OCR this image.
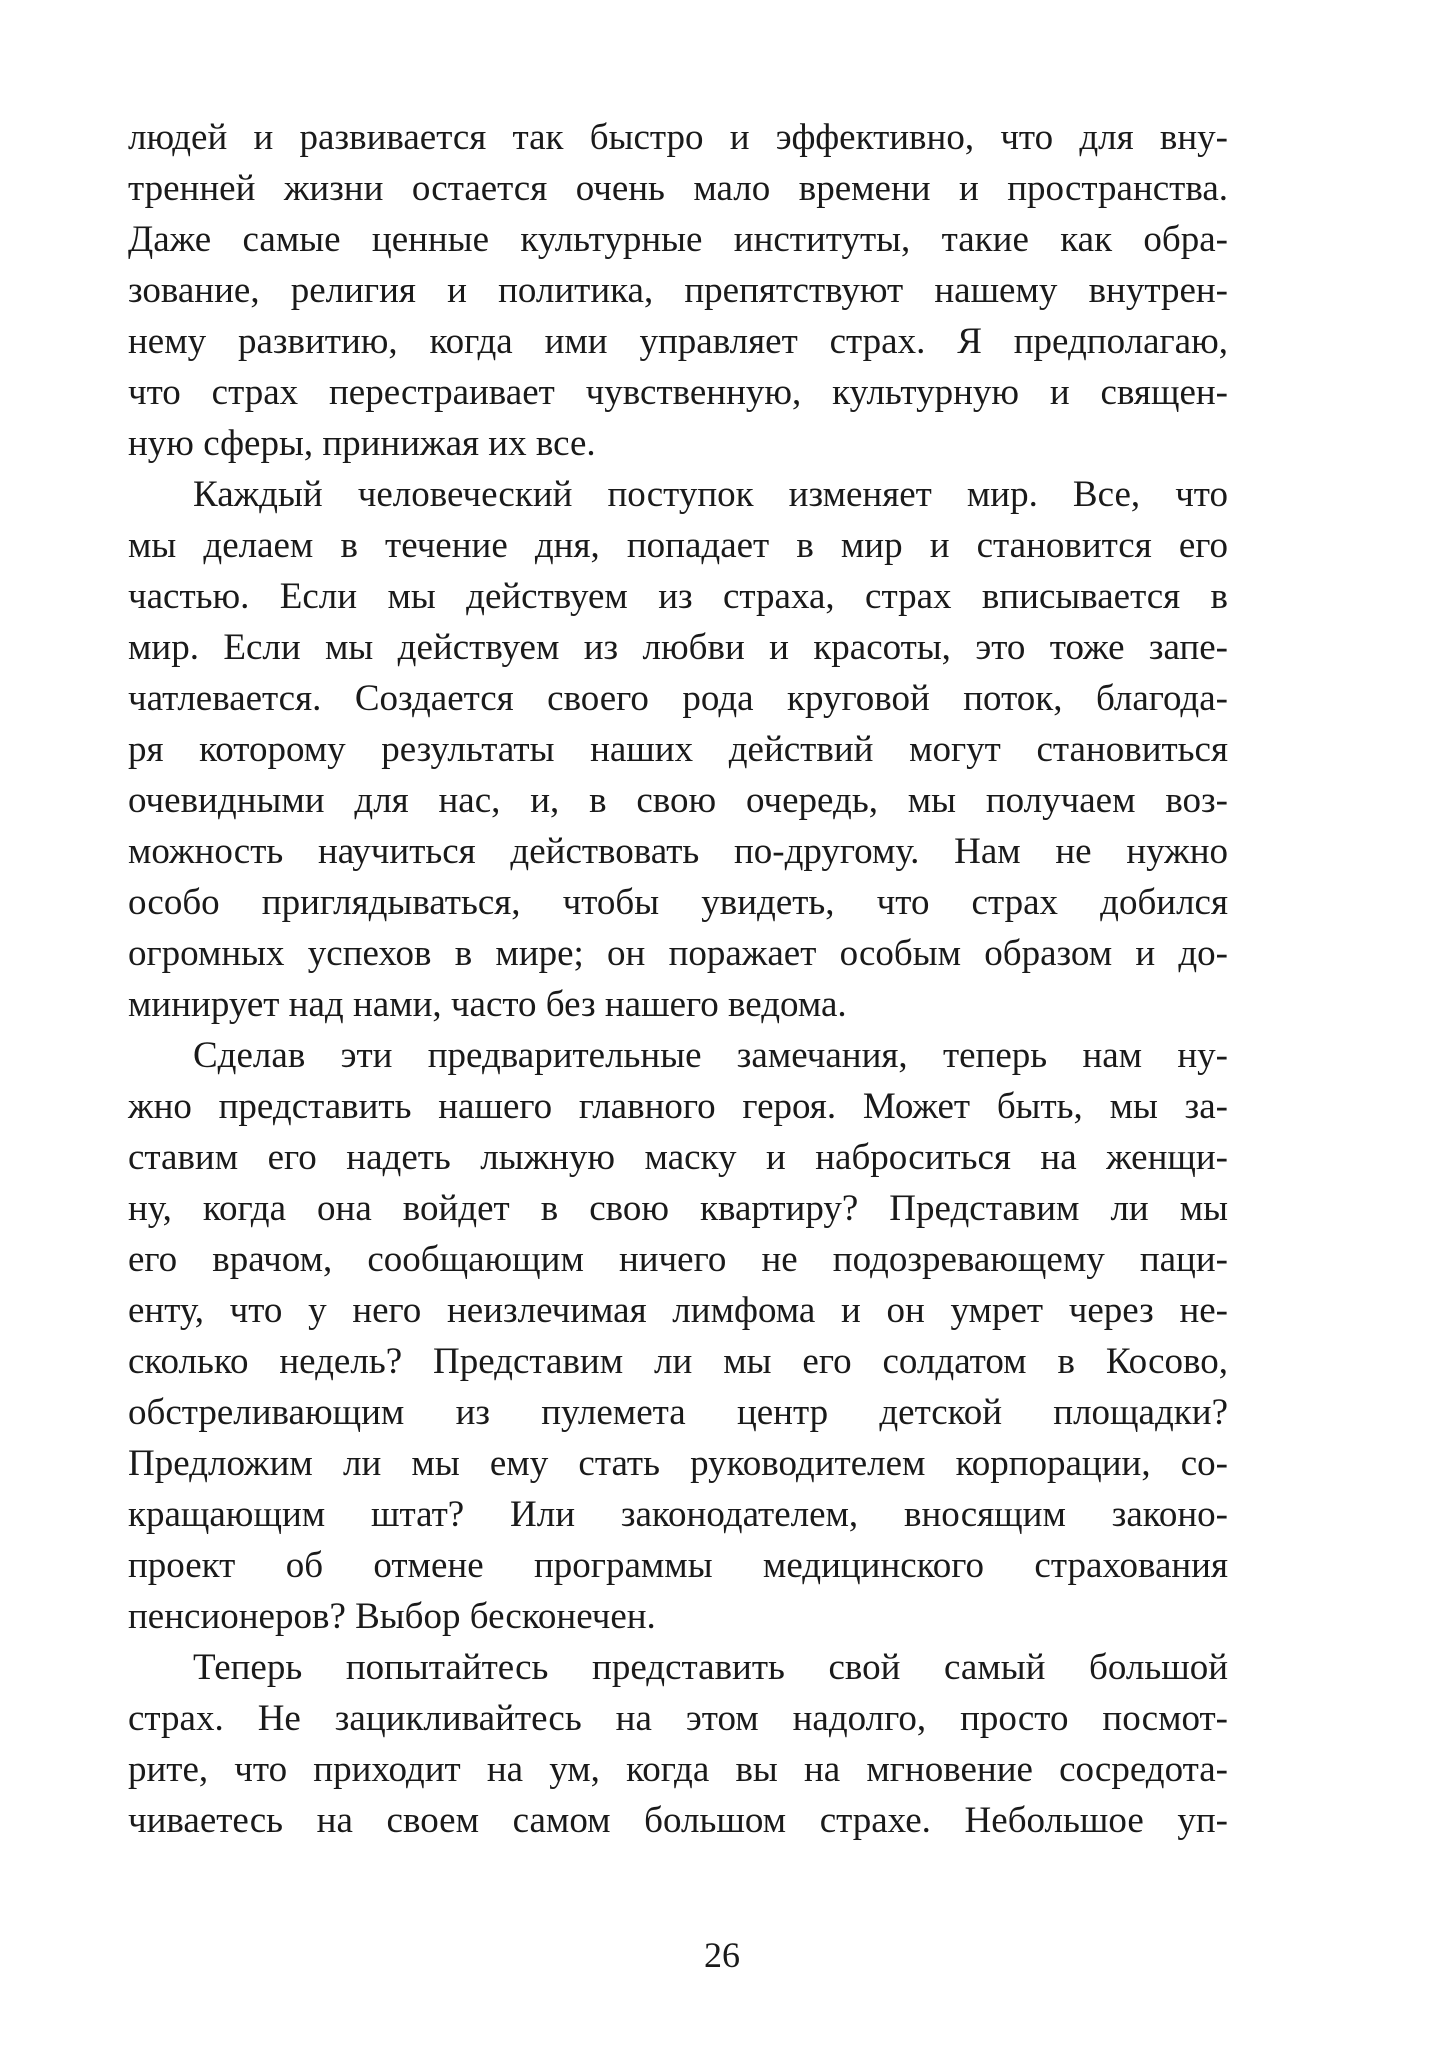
людей и развивается так быстро и эффективно, что для вну-
тренней жизни остается очень мало времени и пространства.
Даже самые ценные культурные институты, такие как обра-
зование, религия и политика, препятствуют нашему внутрен-
нему развитию, когда ими управляет страх. Я предполагаю,
что страх перестраивает чувственную, культурную и священ-
ную сферы, принижая их все.
Каждый человеческий поступок изменяет мир. Все, что
мы делаем в течение дня, попадает в мир и становится его
частью. Если мы действуем из страха, страх вписывается в
мир. Если мы действуем из любви и красоты, это тоже запе-
чатлевается. Создается своего рода круговой поток, благода-
ря которому результаты наших действий могут становиться
очевидными для нас, и, в свою очередь, мы получаем воз-
можность научиться действовать по-другому. Нам не нужно
особо приглядываться, чтобы увидеть, что страх добился
огромных успехов в мире; он поражает особым образом и до-
минирует над нами, часто без нашего ведома.
Сделав эти предварительные замечания, теперь нам ну-
жно представить нашего главного героя. Может быть, мы за-
ставим его надеть лыжную маску и наброситься на женщи-
ну, когда она войдет в свою квартиру? Представим ли мы
его врачом, сообщающим ничего не подозревающему паци-
енту, что у него неизлечимая лимфома и он умрет через не-
сколько недель? Представим ли мы его солдатом в Косово,
обстреливающим из пулемета центр детской площадки?
Предложим ли мы ему стать руководителем корпорации, со-
кращающим штат? Или законодателем, вносящим законо-
проект об отмене программы медицинского страхования
пенсионеров? Выбор бесконечен.
Теперь попытайтесь представить свой самый большой
страх. Не зацикливайтесь на этом надолго, просто посмот-
рите, что приходит на ум, когда вы на мгновение сосредота-
чиваетесь на своем самом большом страхе. Небольшое уп-
26
